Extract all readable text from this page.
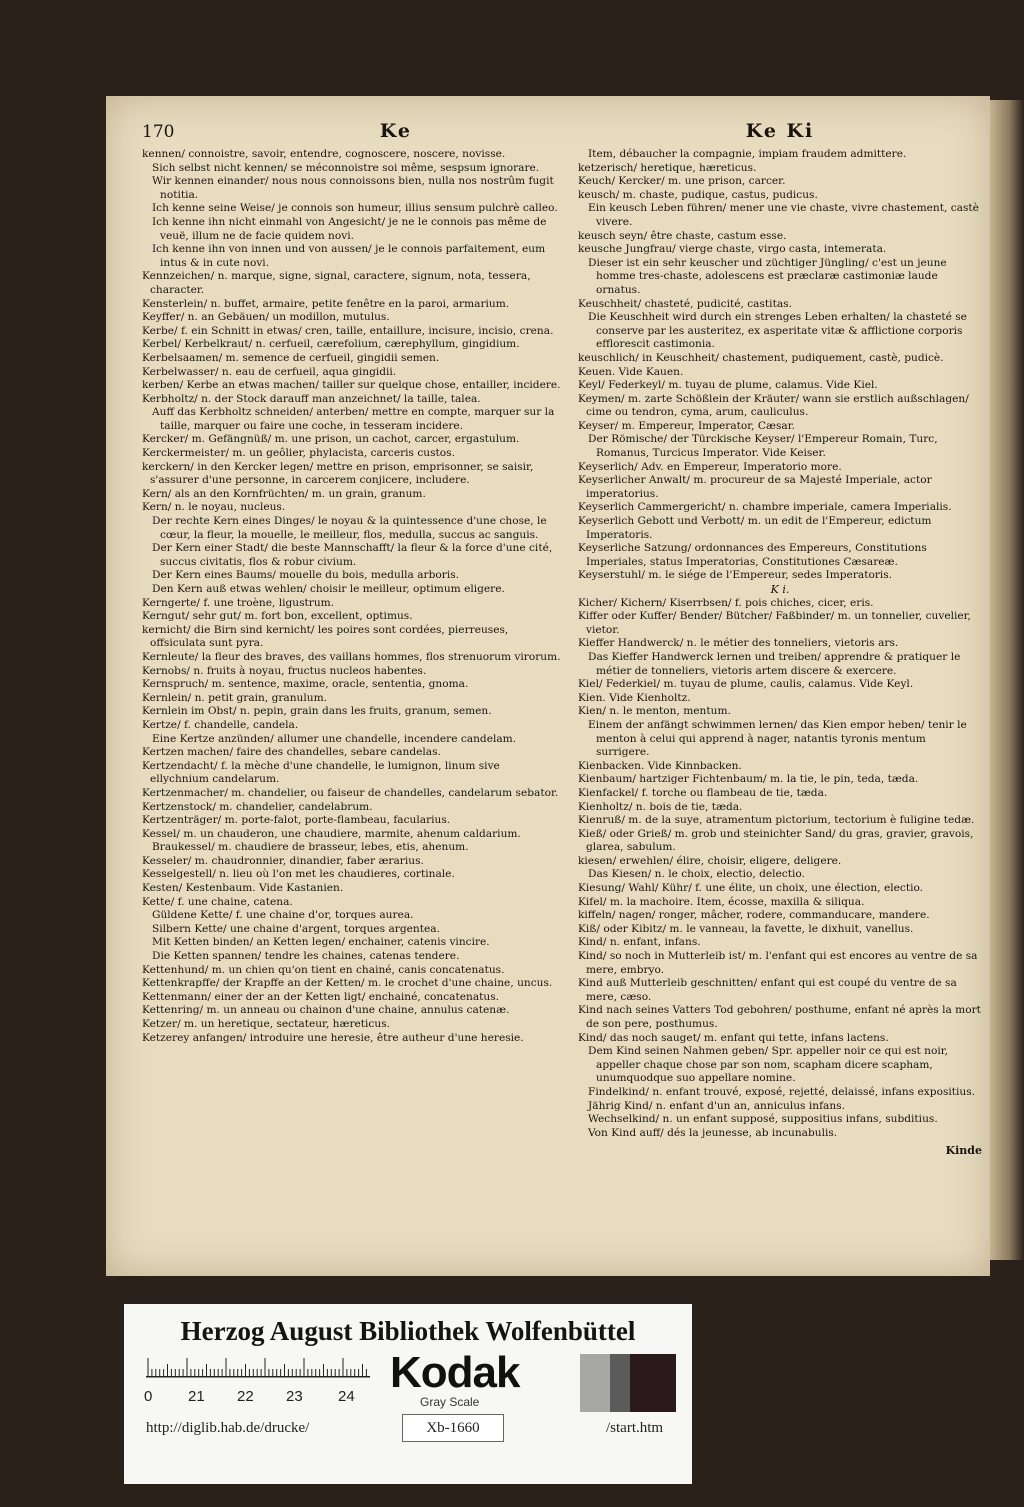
170	Ke

kennen/ connoistre, savoir, entendre, cognoscere, noscere, novisse.

Sich selbst nicht kennen/ se méconnoistre soi même, sespsum ignorare.

Wir kennen einander/ nous nous connoissons bien, nulla nos nostrûm fugit notitia.

Ich kenne seine Weise/ je connois son humeur, illius sensum pulchrè calleo.

Ich kenne ihn nicht einmahl von Angesicht/ je ne le connois pas même de veuë, illum ne de facie quidem novi.

Ich kenne ihn von innen und von aussen/ je le connois parfaitement, eum intus & in cute novi.

Kennzeichen/ n. marque, signe, signal, caractere, signum, nota, tessera, character.

Kensterlein/ n. buffet, armaire, petite fenêtre en la paroi, armarium.

Keyffer/ n. an Gebäuen/ un modillon, mutulus.

Kerbe/ f. ein Schnitt in etwas/ cren, taille, entaillure, incisure, incisio, crena.

Kerbel/ Kerbelkraut/ n. cerfueil, cærefolium, cærephyllum, gingidium.

Kerbelsaamen/ m. semence de cerfueil, gingidii semen.

Kerbelwasser/ n. eau de cerfueil, aqua gingidii.

kerben/ Kerbe an etwas machen/ tailler sur quelque chose, entailler, incidere.

Kerbholtz/ n. der Stock darauff man anzeichnet/ la taille, talea.

Auff das Kerbholtz schneiden/ anterben/ mettre en compte, marquer sur la taille, marquer ou faire une coche, in tesseram incidere.

Kercker/ m. Gefängnüß/ m. une prison, un cachot, carcer, ergastulum.

Kerckermeister/ m. un geôlier, phylacista, carceris custos.

kerckern/ in den Kercker legen/ mettre en prison, emprisonner, se saisir, s'assurer d'une personne, in carcerem conjicere, includere.

Kern/ als an den Kornfrüchten/ m. un grain, granum.

Kern/ n. le noyau, nucleus.

Der rechte Kern eines Dinges/ le noyau & la quintessence d'une chose, le cœur, la fleur, la mouelle, le meilleur, flos, medulla, succus ac sanguis.

Der Kern einer Stadt/ die beste Mannschafft/ la fleur & la force d'une cité, succus civitatis, flos & robur civium.

Der Kern eines Baums/ mouelle du bois, medulla arboris.

Den Kern auß etwas wehlen/ choisir le meilleur, optimum eligere.

Kerngerte/ f. une troène, ligustrum.

Kerngut/ sehr gut/ m. fort bon, excellent, optimus.

kernicht/ die Birn sind kernicht/ les poires sont cordées, pierreuses, offsiculata sunt pyra.

Kernleute/ la fleur des braves, des vaillans hommes, flos strenuorum virorum.

Kernobs/ n. fruits à noyau, fructus nucleos habentes.

Kernspruch/ m. sentence, maxime, oracle, sententia, gnoma.

Kernlein/ n. petit grain, granulum.

Kernlein im Obst/ n. pepin, grain dans les fruits, granum, semen.

Kertze/ f. chandelle, candela.

Eine Kertze anzünden/ allumer une chandelle, incendere candelam.

Kertzen machen/ faire des chandelles, sebare candelas.

Kertzendacht/ f. la mèche d'une chandelle, le lumignon, linum sive ellychnium candelarum.

Kertzenmacher/ m. chandelier, ou faiseur de chandelles, candelarum sebator.

Kertzenstock/ m. chandelier, candelabrum.

Kertzenträger/ m. porte-falot, porte-flambeau, facularius.

Kessel/ m. un chauderon, une chaudiere, marmite, ahenum caldarium.

Braukessel/ m. chaudiere de brasseur, lebes, etis, ahenum.

Kesseler/ m. chaudronnier, dinandier, faber ærarius.

Kesselgestell/ n. lieu où l'on met les chaudieres, cortinale.

Kesten/ Kestenbaum. Vide Kastanien.

Kette/ f. une chaine, catena.

Güldene Kette/ f. une chaine d'or, torques aurea.

Silbern Kette/ une chaine d'argent, torques argentea.

Mit Ketten binden/ an Ketten legen/ enchainer, catenis vincire.

Die Ketten spannen/ tendre les chaines, catenas tendere.

Kettenhund/ m. un chien qu'on tient en chainé, canis concatenatus.

Kettenkrapffe/ der Krapffe an der Ketten/ m. le crochet d'une chaine, uncus.

Kettenmann/ einer der an der Ketten ligt/ enchainé, concatenatus.

Kettenring/ m. un anneau ou chainon d'une chaine, annulus catenæ.

Ketzer/ m. un heretique, sectateur, hæreticus.

Ketzerey anfangen/ introduire une heresie, être autheur d'une heresie.

Ke Ki

Item, débaucher la compagnie, impiam fraudem admittere.

ketzerisch/ heretique, hæreticus.

Keuch/ Kercker/ m. une prison, carcer.

keusch/ m. chaste, pudique, castus, pudicus.

Ein keusch Leben führen/ mener une vie chaste, vivre chastement, castè vivere.

keusch seyn/ être chaste, castum esse.

keusche Jungfrau/ vierge chaste, virgo casta, intemerata.

Dieser ist ein sehr keuscher und züchtiger Jüngling/ c'est un jeune homme tres-chaste, adolescens est præclaræ castimoniæ laude ornatus.

Keuschheit/ chasteté, pudicité, castitas.

Die Keuschheit wird durch ein strenges Leben erhalten/ la chasteté se conserve par les austeritez, ex asperitate vitæ & afflictione corporis efflorescit castimonia.

keuschlich/ in Keuschheit/ chastement, pudiquement, castè, pudicè.

Keuen. Vide Kauen.

Keyl/ Federkeyl/ m. tuyau de plume, calamus. Vide Kiel.

Keymen/ m. zarte Schößlein der Kräuter/ wann sie erstlich außschlagen/ cime ou tendron, cyma, arum, cauliculus.

Keyser/ m. Empereur, Imperator, Cæsar.

Der Römische/ der Türckische Keyser/ l'Empereur Romain, Turc, Romanus, Turcicus Imperator. Vide Keiser.

Keyserlich/ Adv. en Empereur, Imperatorio more.

Keyserlicher Anwalt/ m. procureur de sa Majesté Imperiale, actor imperatorius.

Keyserlich Cammergericht/ n. chambre imperiale, camera Imperialis.

Keyserlich Gebott und Verbott/ m. un edit de l'Empereur, edictum Imperatoris.

Keyserliche Satzung/ ordonnances des Empereurs, Constitutions Imperiales, status Imperatorias, Constitutiones Cæsareæ.

Keyserstuhl/ m. le siége de l'Empereur, sedes Imperatoris.

K i.

Kicher/ Kichern/ Kiserrbsen/ f. pois chiches, cicer, eris.

Kiffer oder Kuffer/ Bender/ Bütcher/ Faßbinder/ m. un tonnelier, cuvelier, vietor.

Kieffer Handwerck/ n. le métier des tonneliers, vietoris ars.

Das Kieffer Handwerck lernen und treiben/ apprendre & pratiquer le métier de tonneliers, vietoris artem discere & exercere.

Kiel/ Federkiel/ m. tuyau de plume, caulis, calamus. Vide Keyl.

Kien. Vide Kienholtz.

Kien/ n. le menton, mentum.

Einem der anfängt schwimmen lernen/ das Kien empor heben/ tenir le menton à celui qui apprend à nager, natantis tyronis mentum surrigere.

Kienbacken. Vide Kinnbacken.

Kienbaum/ hartziger Fichtenbaum/ m. la tie, le pin, teda, tæda.

Kienfackel/ f. torche ou flambeau de tie, tæda.

Kienholtz/ n. bois de tie, tæda.

Kienruß/ m. de la suye, atramentum pictorium, tectorium è fuligine tedæ.

Kieß/ oder Grieß/ m. grob und steinichter Sand/ du gras, gravier, gravois, glarea, sabulum.

kiesen/ erwehlen/ élire, choisir, eligere, deligere.

Das Kiesen/ n. le choix, electio, delectio.

Kiesung/ Wahl/ Kühr/ f. une élite, un choix, une élection, electio.

Kifel/ m. la machoire. Item, écosse, maxilla & siliqua.

kiffeln/ nagen/ ronger, mâcher, rodere, commanducare, mandere.

Kiß/ oder Kibitz/ m. le vanneau, la favette, le dixhuit, vanellus.

Kind/ n. enfant, infans.

Kind/ so noch in Mutterleib ist/ m. l'enfant qui est encores au ventre de sa mere, embryo.

Kind auß Mutterleib geschnitten/ enfant qui est coupé du ventre de sa mere, cæso.

Kind nach seines Vatters Tod gebohren/ posthume, enfant né après la mort de son pere, posthumus.

Kind/ das noch sauget/ m. enfant qui tette, infans lactens.

Dem Kind seinen Nahmen geben/ Spr. appeller noir ce qui est noir, appeller chaque chose par son nom, scapham dicere scapham, unumquodque suo appellare nomine.

Findelkind/ n. enfant trouvé, exposé, rejetté, delaissé, infans expositius.

Jährig Kind/ n. enfant d'un an, anniculus infans.

Wechselkind/ n. un enfant supposé, suppositius infans, subditius.

Von Kind auff/ dés la jeunesse, ab incunabulis.

Kinde
Herzog August Bibliothek Wolfenbüttel
0 21 22 23 24 Kodak
Gray Scale
http://diglib.hab.de/drucke/	Xb-1660	/start.htm
